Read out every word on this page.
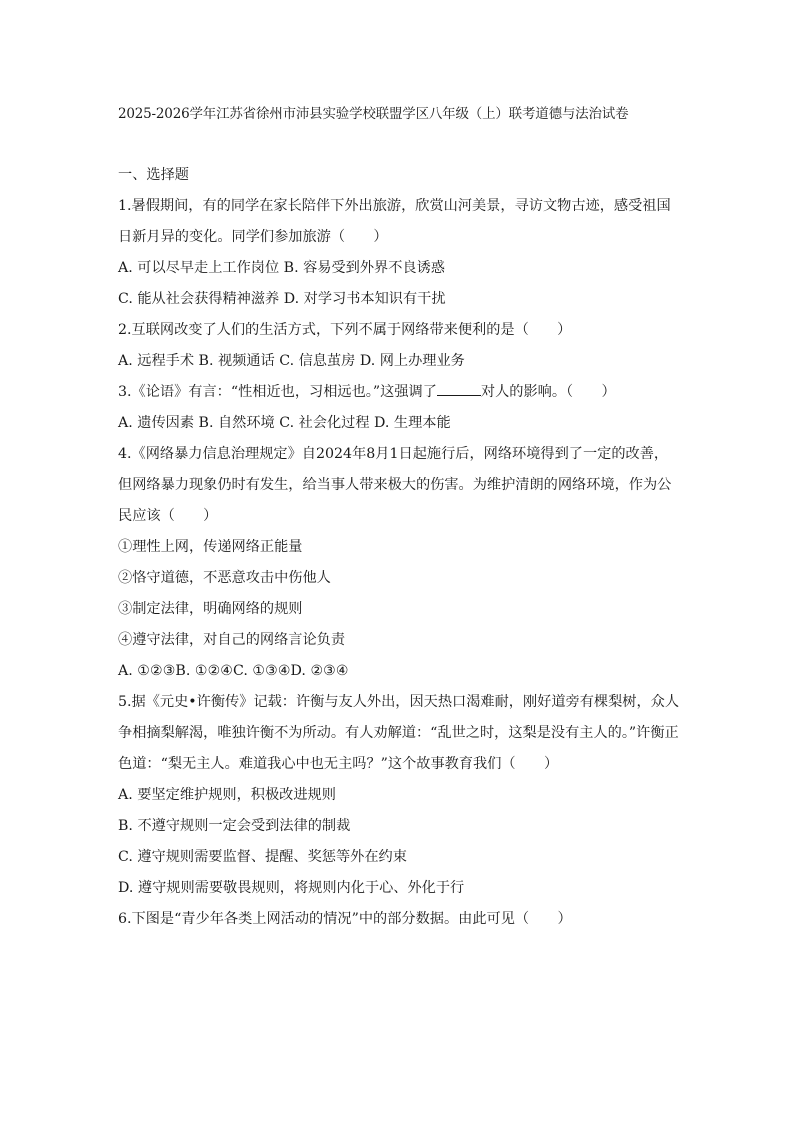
2025-2026学年江苏省徐州市沛县实验学校联盟学区八年级（上）联考道德与法治试卷
一、选择题
1.暑假期间，有的同学在家长陪伴下外出旅游，欣赏山河美景，寻访文物古迹，感受祖国日新月异的变化。同学们参加旅游（　　）
A. 可以尽早走上工作岗位 B. 容易受到外界不良诱惑
C. 能从社会获得精神滋养 D. 对学习书本知识有干扰
2.互联网改变了人们的生活方式，下列不属于网络带来便利的是（　　）
A. 远程手术 B. 视频通话 C. 信息茧房 D. 网上办理业务
3.《论语》有言：“性相近也，习相远也。”这强调了	对人的影响。（　　）
A. 遗传因素 B. 自然环境 C. 社会化过程 D. 生理本能
4.《网络暴力信息治理规定》自2024年8月1日起施行后，网络环境得到了一定的改善，但网络暴力现象仍时有发生，给当事人带来极大的伤害。为维护清朗的网络环境，作为公民应该（　　）
①理性上网，传递网络正能量
②恪守道德，不恶意攻击中伤他人
③制定法律，明确网络的规则
④遵守法律，对自己的网络言论负责
A. ①②③B. ①②④C. ①③④D. ②③④
5.据《元史•许衡传》记载：许衡与友人外出，因天热口渴难耐，刚好道旁有棵梨树，众人争相摘梨解渴，唯独许衡不为所动。有人劝解道：“乱世之时，这梨是没有主人的。”许衡正色道：“梨无主人。难道我心中也无主吗？”这个故事教育我们（　　）
A. 要坚定维护规则，积极改进规则
B. 不遵守规则一定会受到法律的制裁
C. 遵守规则需要监督、提醒、奖惩等外在约束
D. 遵守规则需要敬畏规则，将规则内化于心、外化于行
6.下图是“青少年各类上网活动的情况”中的部分数据。由此可见（　　）
